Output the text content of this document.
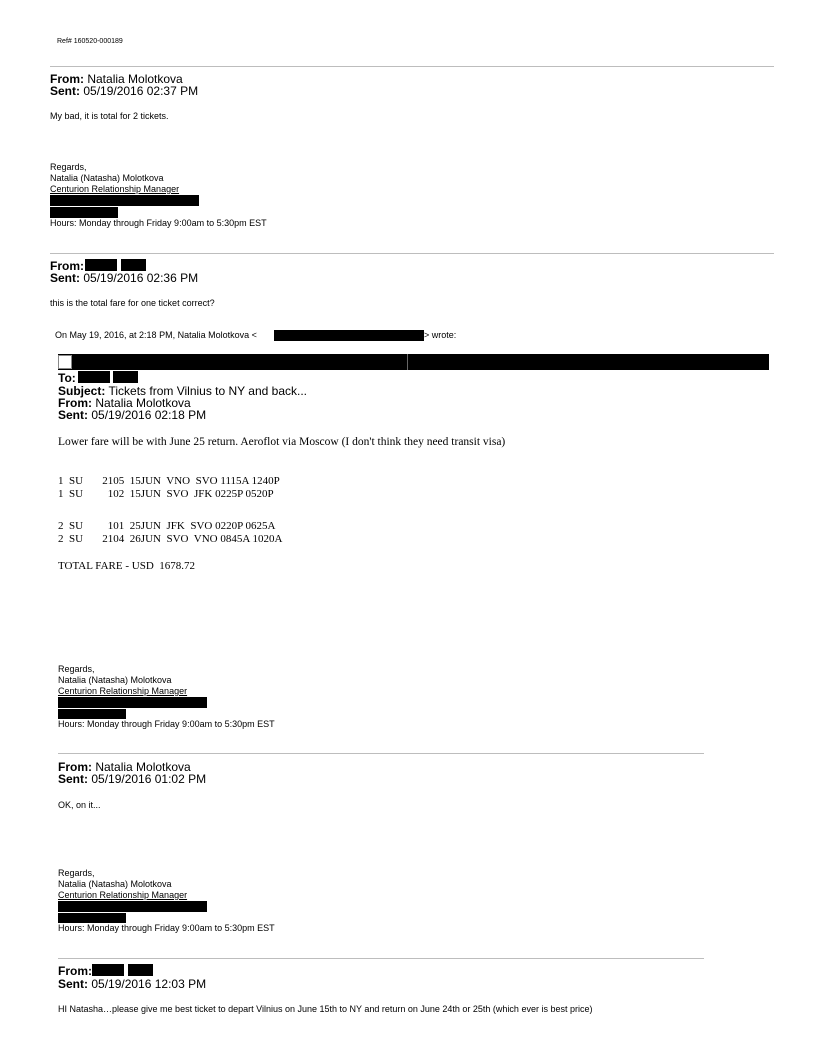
Ref# 160520-000189
From: Natalia Molotkova
Sent: 05/19/2016 02:37 PM
My bad, it is total for 2 tickets.
Regards,
Natalia (Natasha) Molotkova
Centurion Relationship Manager
Hours: Monday through Friday 9:00am to 5:30pm EST
From:
Sent: 05/19/2016 02:36 PM
this is the total fare for one ticket correct?
On May 19, 2016, at 2:18 PM, Natalia Molotkova <	> wrote:
To:
Subject: Tickets from Vilnius to NY and back...
From: Natalia Molotkova
Sent: 05/19/2016 02:18 PM
Lower fare will be with June 25 return. Aeroflot via Moscow (I don't think they need transit visa)
1  SU       2105  15JUN  VNO  SVO 1115A 1240P
1  SU         102  15JUN  SVO  JFK 0225P 0520P
2  SU         101  25JUN  JFK  SVO 0220P 0625A
2  SU       2104  26JUN  SVO  VNO 0845A 1020A
TOTAL FARE - USD  1678.72
Regards,
Natalia (Natasha) Molotkova
Centurion Relationship Manager
Hours: Monday through Friday 9:00am to 5:30pm EST
From: Natalia Molotkova
Sent: 05/19/2016 01:02 PM
OK, on it...
Regards,
Natalia (Natasha) Molotkova
Centurion Relationship Manager
Hours: Monday through Friday 9:00am to 5:30pm EST
From:
Sent: 05/19/2016 12:03 PM
HI Natasha…please give me best ticket to depart Vilnius on June 15th to NY and return on June 24th or 25th (which ever is best price)
